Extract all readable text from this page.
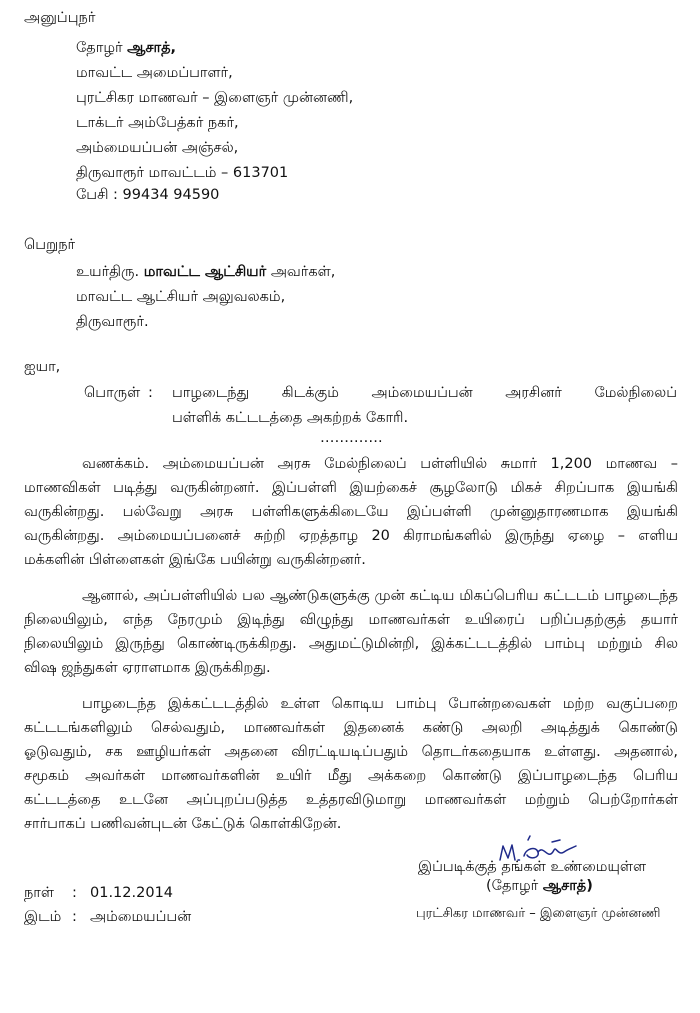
அனுப்புநர்
தோழர் ஆசாத்,
மாவட்ட அமைப்பாளர்,
புரட்சிகர மாணவர் – இளைஞர் முன்னணி,
டாக்டர் அம்பேத்கர் நகர்,
அம்மையப்பன் அஞ்சல்,
திருவாரூர் மாவட்டம் – 613701
பேசி : 99434 94590
பெறுநர்
உயர்திரு. மாவட்ட ஆட்சியர் அவர்கள்,
மாவட்ட ஆட்சியர் அலுவலகம்,
திருவாரூர்.
ஐயா,
பொருள் : பாழடைந்து கிடக்கும் அம்மையப்பன் அரசினர் மேல்நிலைப்
பள்ளிக் கட்டடத்தை அகற்றக் கோரி.
………….
வணக்கம். அம்மையப்பன் அரசு மேல்நிலைப் பள்ளியில் சுமார் 1,200 மாணவ –
மாணவிகள் படித்து வருகின்றனர். இப்பள்ளி இயற்கைச் சூழலோடு மிகச் சிறப்பாக இயங்கி
வருகின்றது. பல்வேறு அரசு பள்ளிகளுக்கிடையே இப்பள்ளி முன்னுதாரணமாக இயங்கி
வருகின்றது. அம்மையப்பனைச் சுற்றி ஏறத்தாழ 20 கிராமங்களில் இருந்து ஏழை – எளிய
மக்களின் பிள்ளைகள் இங்கே பயின்று வருகின்றனர்.
ஆனால், அப்பள்ளியில் பல ஆண்டுகளுக்கு முன் கட்டிய மிகப்பெரிய கட்டடம் பாழடைந்த
நிலையிலும், எந்த நேரமும் இடிந்து விழுந்து மாணவர்கள் உயிரைப் பறிப்பதற்குத் தயார்
நிலையிலும் இருந்து கொண்டிருக்கிறது. அதுமட்டுமின்றி, இக்கட்டடத்தில் பாம்பு மற்றும் சில
விஷ ஜந்துகள் ஏராளமாக இருக்கிறது.
பாழடைந்த இக்கட்டடத்தில் உள்ள கொடிய பாம்பு போன்றவைகள் மற்ற வகுப்பறை
கட்டடங்களிலும் செல்வதும், மாணவர்கள் இதனைக் கண்டு அலறி அடித்துக் கொண்டு
ஓடுவதும், சக ஊழியர்கள் அதனை விரட்டியடிப்பதும் தொடர்கதையாக உள்ளது. அதனால்,
சமூகம் அவர்கள் மாணவர்களின் உயிர் மீது அக்கறை கொண்டு இப்பாழடைந்த பெரிய
கட்டடத்தை உடனே அப்புறப்படுத்த உத்தரவிடுமாறு மாணவர்கள் மற்றும் பெற்றோர்கள்
சார்பாகப் பணிவன்புடன் கேட்டுக் கொள்கிறேன்.
இப்படிக்குத் தங்கள் உண்மையுள்ள
நாள் : 01.12.2014
இடம் : அம்மையப்பன்
(தோழர் ஆசாத்)
புரட்சிகர மாணவர் – இளைஞர் முன்னணி
